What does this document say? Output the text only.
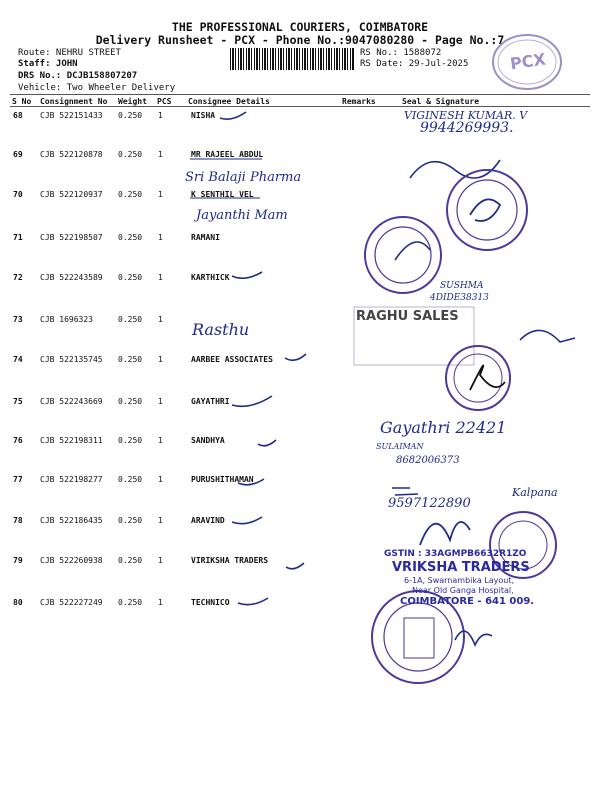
THE PROFESSIONAL COURIERS, COIMBATORE
Delivery Runsheet - PCX - Phone No.:9047080280 - Page No.:7
Route: NEHRU STREET
Staff: JOHN
DRS No.: DCJB158807207
Vehicle: Two Wheeler Delivery
RS No.: 1588072
RS Date: 29-Jul-2025	PCX
S No Consignment No Weight PCS Consignee Details	Remarks	Seal & Signature
68 CJB 522151433 0.250 1	NISHA
69 CJB 522120878 0.250 1	MR RAJEEL ABDUL
70 CJB 522120937 0.250 1	K SENTHIL VEL
71 CJB 522198507 0.250 1	RAMANI
72 CJB 522243589 0.250 1	KARTHICK
73 CJB 1696323	0.250 1
74 CJB 522135745 0.250 1	AARBEE ASSOCIATES
75 CJB 522243669 0.250 1	GAYATHRI
76 CJB 522198311 0.250 1	SANDHYA
77 CJB 522198277 0.250 1	PURUSHITHAMAN
78 CJB 522186435 0.250 1	ARAVIND
79 CJB 522260938 0.250 1	VIRIKSHA TRADERS
80 CJB 522227249 0.250 1	TECHNICO
VIGINESH KUMAR. V
9944269993.
Sri Balaji Pharma
Jayanthi Mam
SUSHMA
4DIDE38313
Rasthu
RAGHU SALES
Gayathri 22421
SULAIMAN
8682006373
9597122890
Kalpana
GSTIN : 33AGMPB6632R1ZO
VRIKSHA TRADERS
6-1A, Swarnambika Layout,
Near Old Ganga Hospital,
COIMBATORE - 641 009.
